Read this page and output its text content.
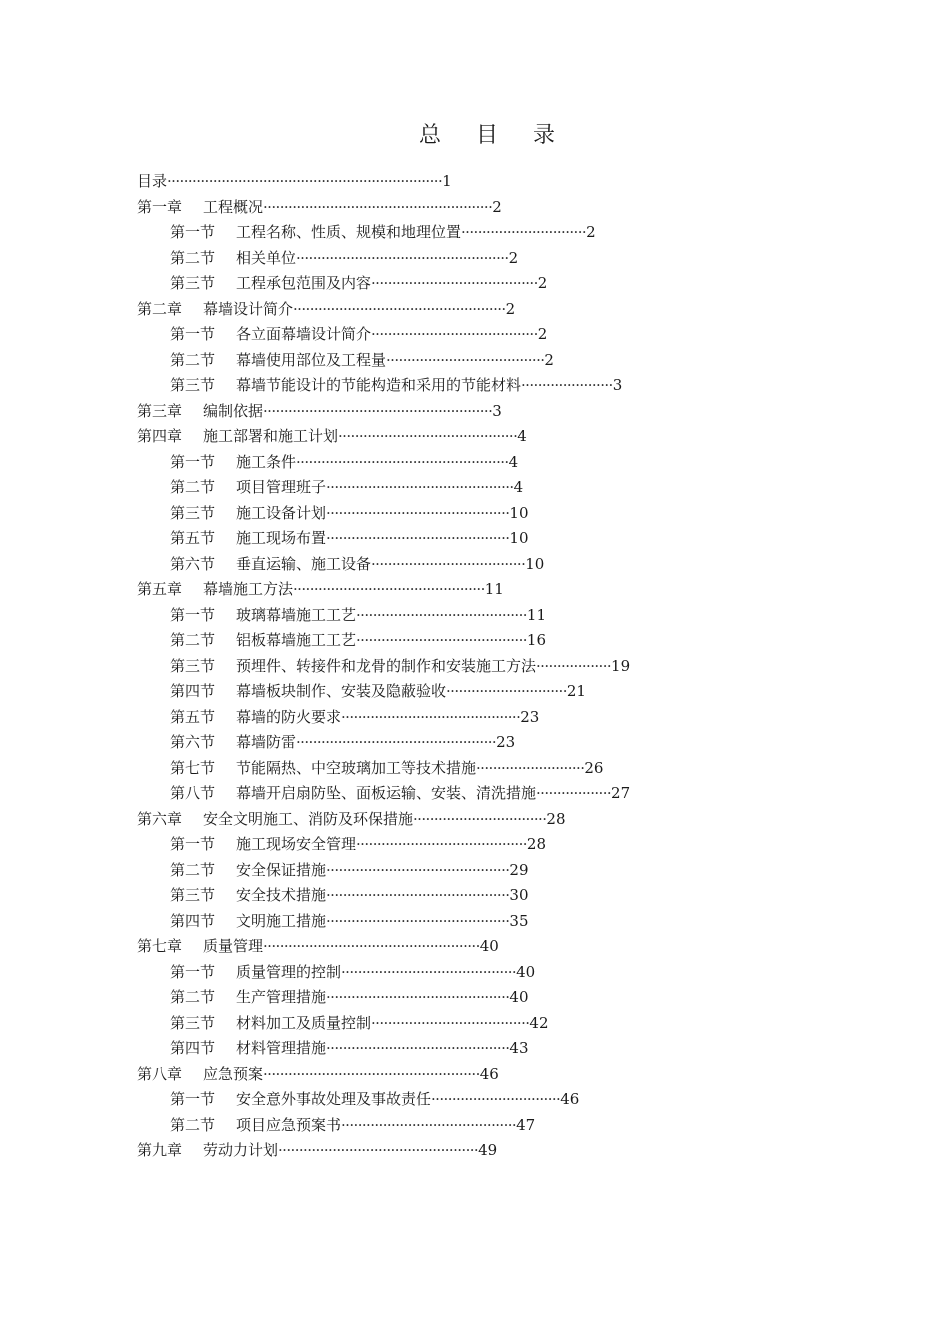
总 目 录
目录 ·································································· 1
第一章	工程概况 ······················································· 2
第一节	工程名称、性质、规模和地理位置 ······························ 2
第二节	相关单位 ··················································· 2
第三节	工程承包范围及内容 ········································ 2
第二章	幕墙设计简介 ··················································· 2
第一节	各立面幕墙设计简介 ········································ 2
第二节	幕墙使用部位及工程量 ······································ 2
第三节	幕墙节能设计的节能构造和采用的节能材料 ······················ 3
第三章	编制依据 ······················································· 3
第四章	施工部署和施工计划 ··········································· 4
第一节	施工条件 ··················································· 4
第二节	项目管理班子 ············································· 4
第三节	施工设备计划 ············································ 10
第五节	施工现场布置 ············································ 10
第六节	垂直运输、施工设备 ····································· 10
第五章	幕墙施工方法 ·············································· 11
第一节	玻璃幕墙施工工艺 ········································· 11
第二节	铝板幕墙施工工艺 ········································· 16
第三节	预埋件、转接件和龙骨的制作和安装施工方法 ·················· 19
第四节	幕墙板块制作、安装及隐蔽验收 ····························· 21
第五节	幕墙的防火要求 ··········································· 23
第六节	幕墙防雷 ················································ 23
第七节	节能隔热、中空玻璃加工等技术措施 ·························· 26
第八节	幕墙开启扇防坠、面板运输、安装、清洗措施 ·················· 27
第六章	安全文明施工、消防及环保措施 ································ 28
第一节	施工现场安全管理 ········································· 28
第二节	安全保证措施 ············································ 29
第三节	安全技术措施 ············································ 30
第四节	文明施工措施 ············································ 35
第七章	质量管理 ···················································· 40
第一节	质量管理的控制 ·········································· 40
第二节	生产管理措施 ············································ 40
第三节	材料加工及质量控制 ······································ 42
第四节	材料管理措施 ············································ 43
第八章	应急预案 ···················································· 46
第一节	安全意外事故处理及事故责任 ······························· 46
第二节	项目应急预案书 ·········································· 47
第九章	劳动力计划 ················································ 49
